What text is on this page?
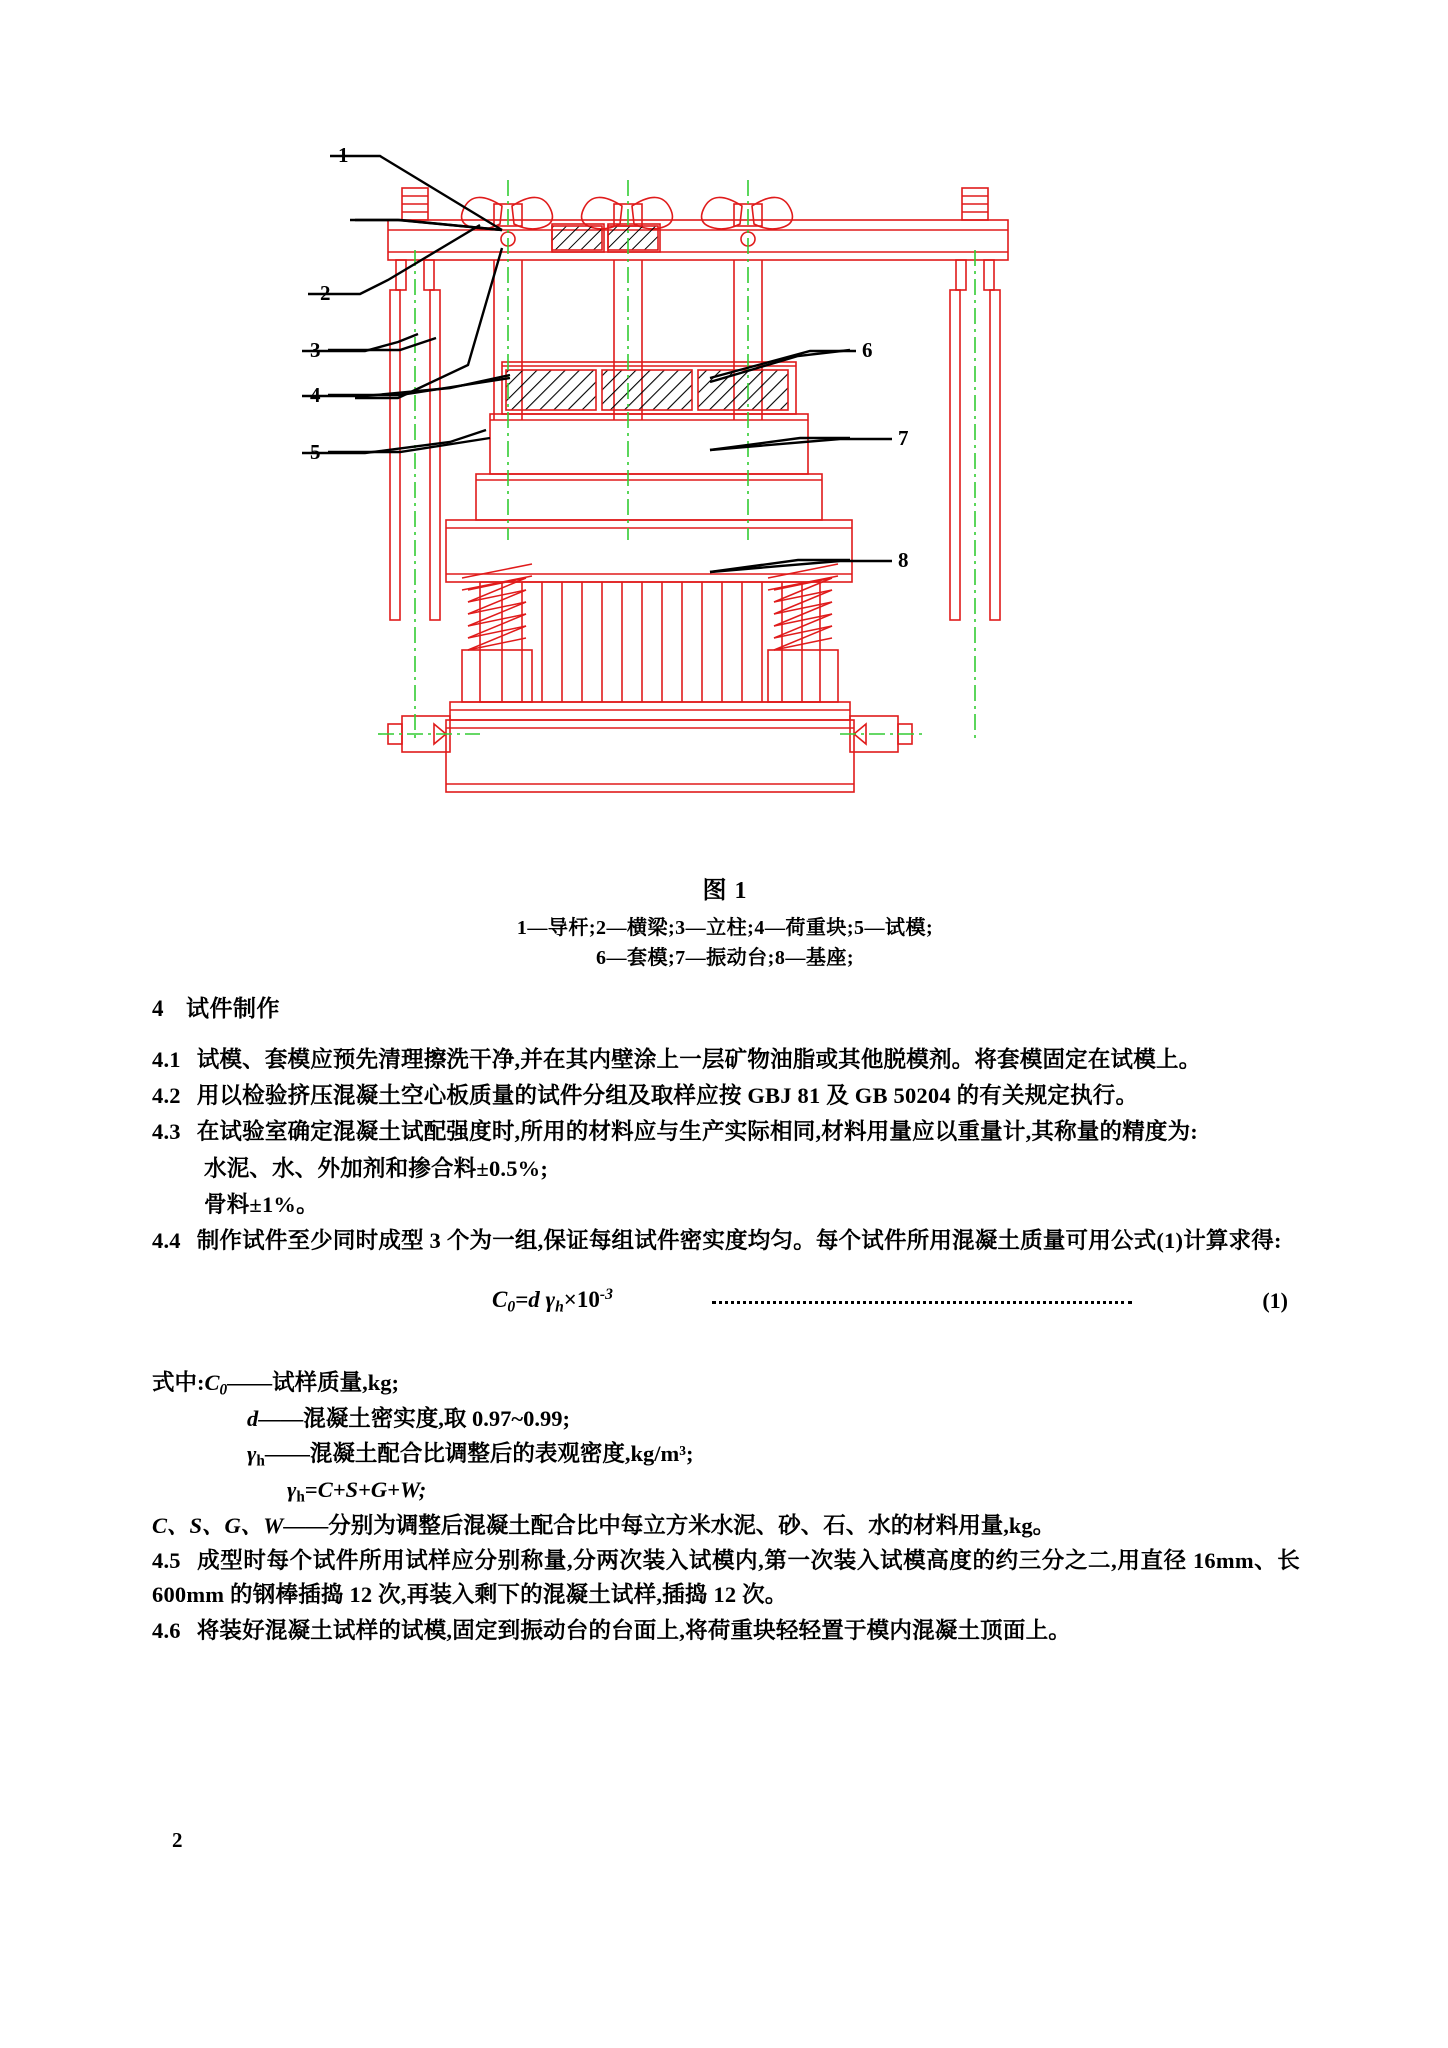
1
2
3
4
5
6
7
8
图 1
1—导杆;2—横梁;3—立柱;4—荷重块;5—试模;
6—套模;7—振动台;8—基座;
4 试件制作

4.1 试模、套模应预先清理擦洗干净,并在其内壁涂上一层矿物油脂或其他脱模剂。将套模固定在试模上。

4.2 用以检验挤压混凝土空心板质量的试件分组及取样应按 GBJ 81 及 GB 50204 的有关规定执行。

4.3 在试验室确定混凝土试配强度时,所用的材料应与生产实际相同,材料用量应以重量计,其称量的精度为:

水泥、水、外加剂和掺合料±0.5%;

骨料±1%。

4.4 制作试件至少同时成型 3 个为一组,保证每组试件密实度均匀。每个试件所用混凝土质量可用公式(1)计算求得:

$C_0=d$ $\gamma_h\times 10^{-3}$	(1)
式中$:C_0——$试样质量,kg;
d——混凝土密实度,取 0.97~0.99;
$\gamma_h——$混凝土配合比调整后的表观密度,kg/m³;
$\gamma_h=C+S+G+W$;
C、S、G、W——分别为调整后混凝土配合比中每立方米水泥、砂、石、水的材料用量,kg。

4.5 成型时每个试件所用试样应分别称量,分两次装入试模内,第一次装入试模高度的约三分之二,用直径 16mm、长 600mm 的钢棒插捣 12 次,再装入剩下的混凝土试样,插捣 12 次。

4.6 将装好混凝土试样的试模,固定到振动台的台面上,将荷重块轻轻置于模内混凝土顶面上。

2
